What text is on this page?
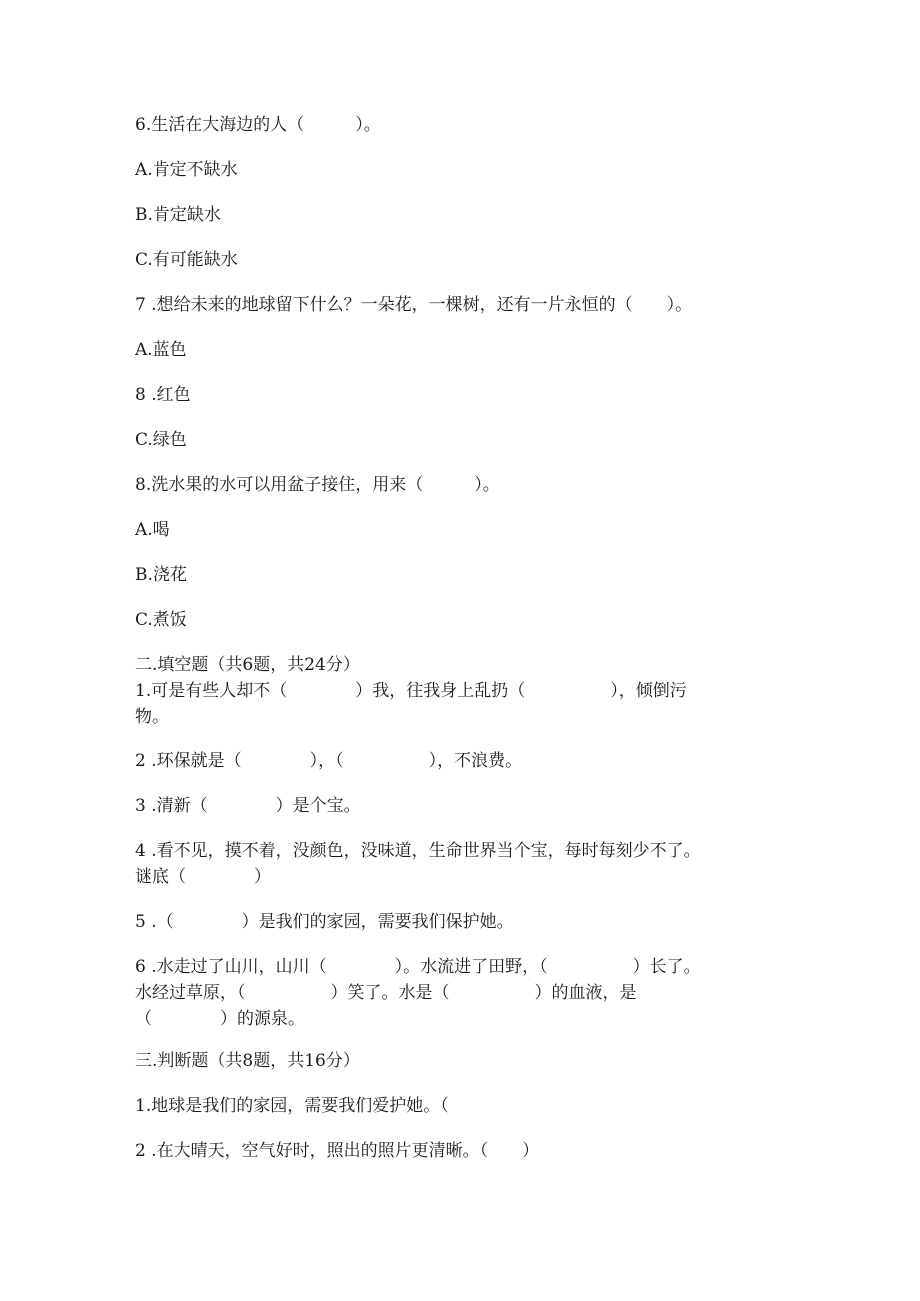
6.生活在大海边的人（　　　）。
A.肯定不缺水
B.肯定缺水
C.有可能缺水
7 .想给未来的地球留下什么？一朵花，一棵树，还有一片永恒的（　　）。
A.蓝色
8 .红色
C.绿色
8.洗水果的水可以用盆子接住，用来（　　　）。
A.喝
B.浇花
C.煮饭
二.填空题（共6题，共24分）
1.可是有些人却不（　　　　）我，往我身上乱扔（　　　　　），倾倒污
物。
2 .环保就是（　　　　），（　　　　　），不浪费。
3 .清新（　　　　）是个宝。
4 .看不见，摸不着，没颜色，没味道，生命世界当个宝，每时每刻少不了。
谜底（　　　　）
5 .（　　　　）是我们的家园，需要我们保护她。
6 .水走过了山川，山川（　　　　）。水流进了田野，（　　　　　）长了。
水经过草原，（　　　　　）笑了。水是（　　　　　）的血液，是
（　　　　）的源泉。
三.判断题（共8题，共16分）
1.地球是我们的家园，需要我们爱护她。（
2 .在大晴天，空气好时，照出的照片更清晰。（　　）
